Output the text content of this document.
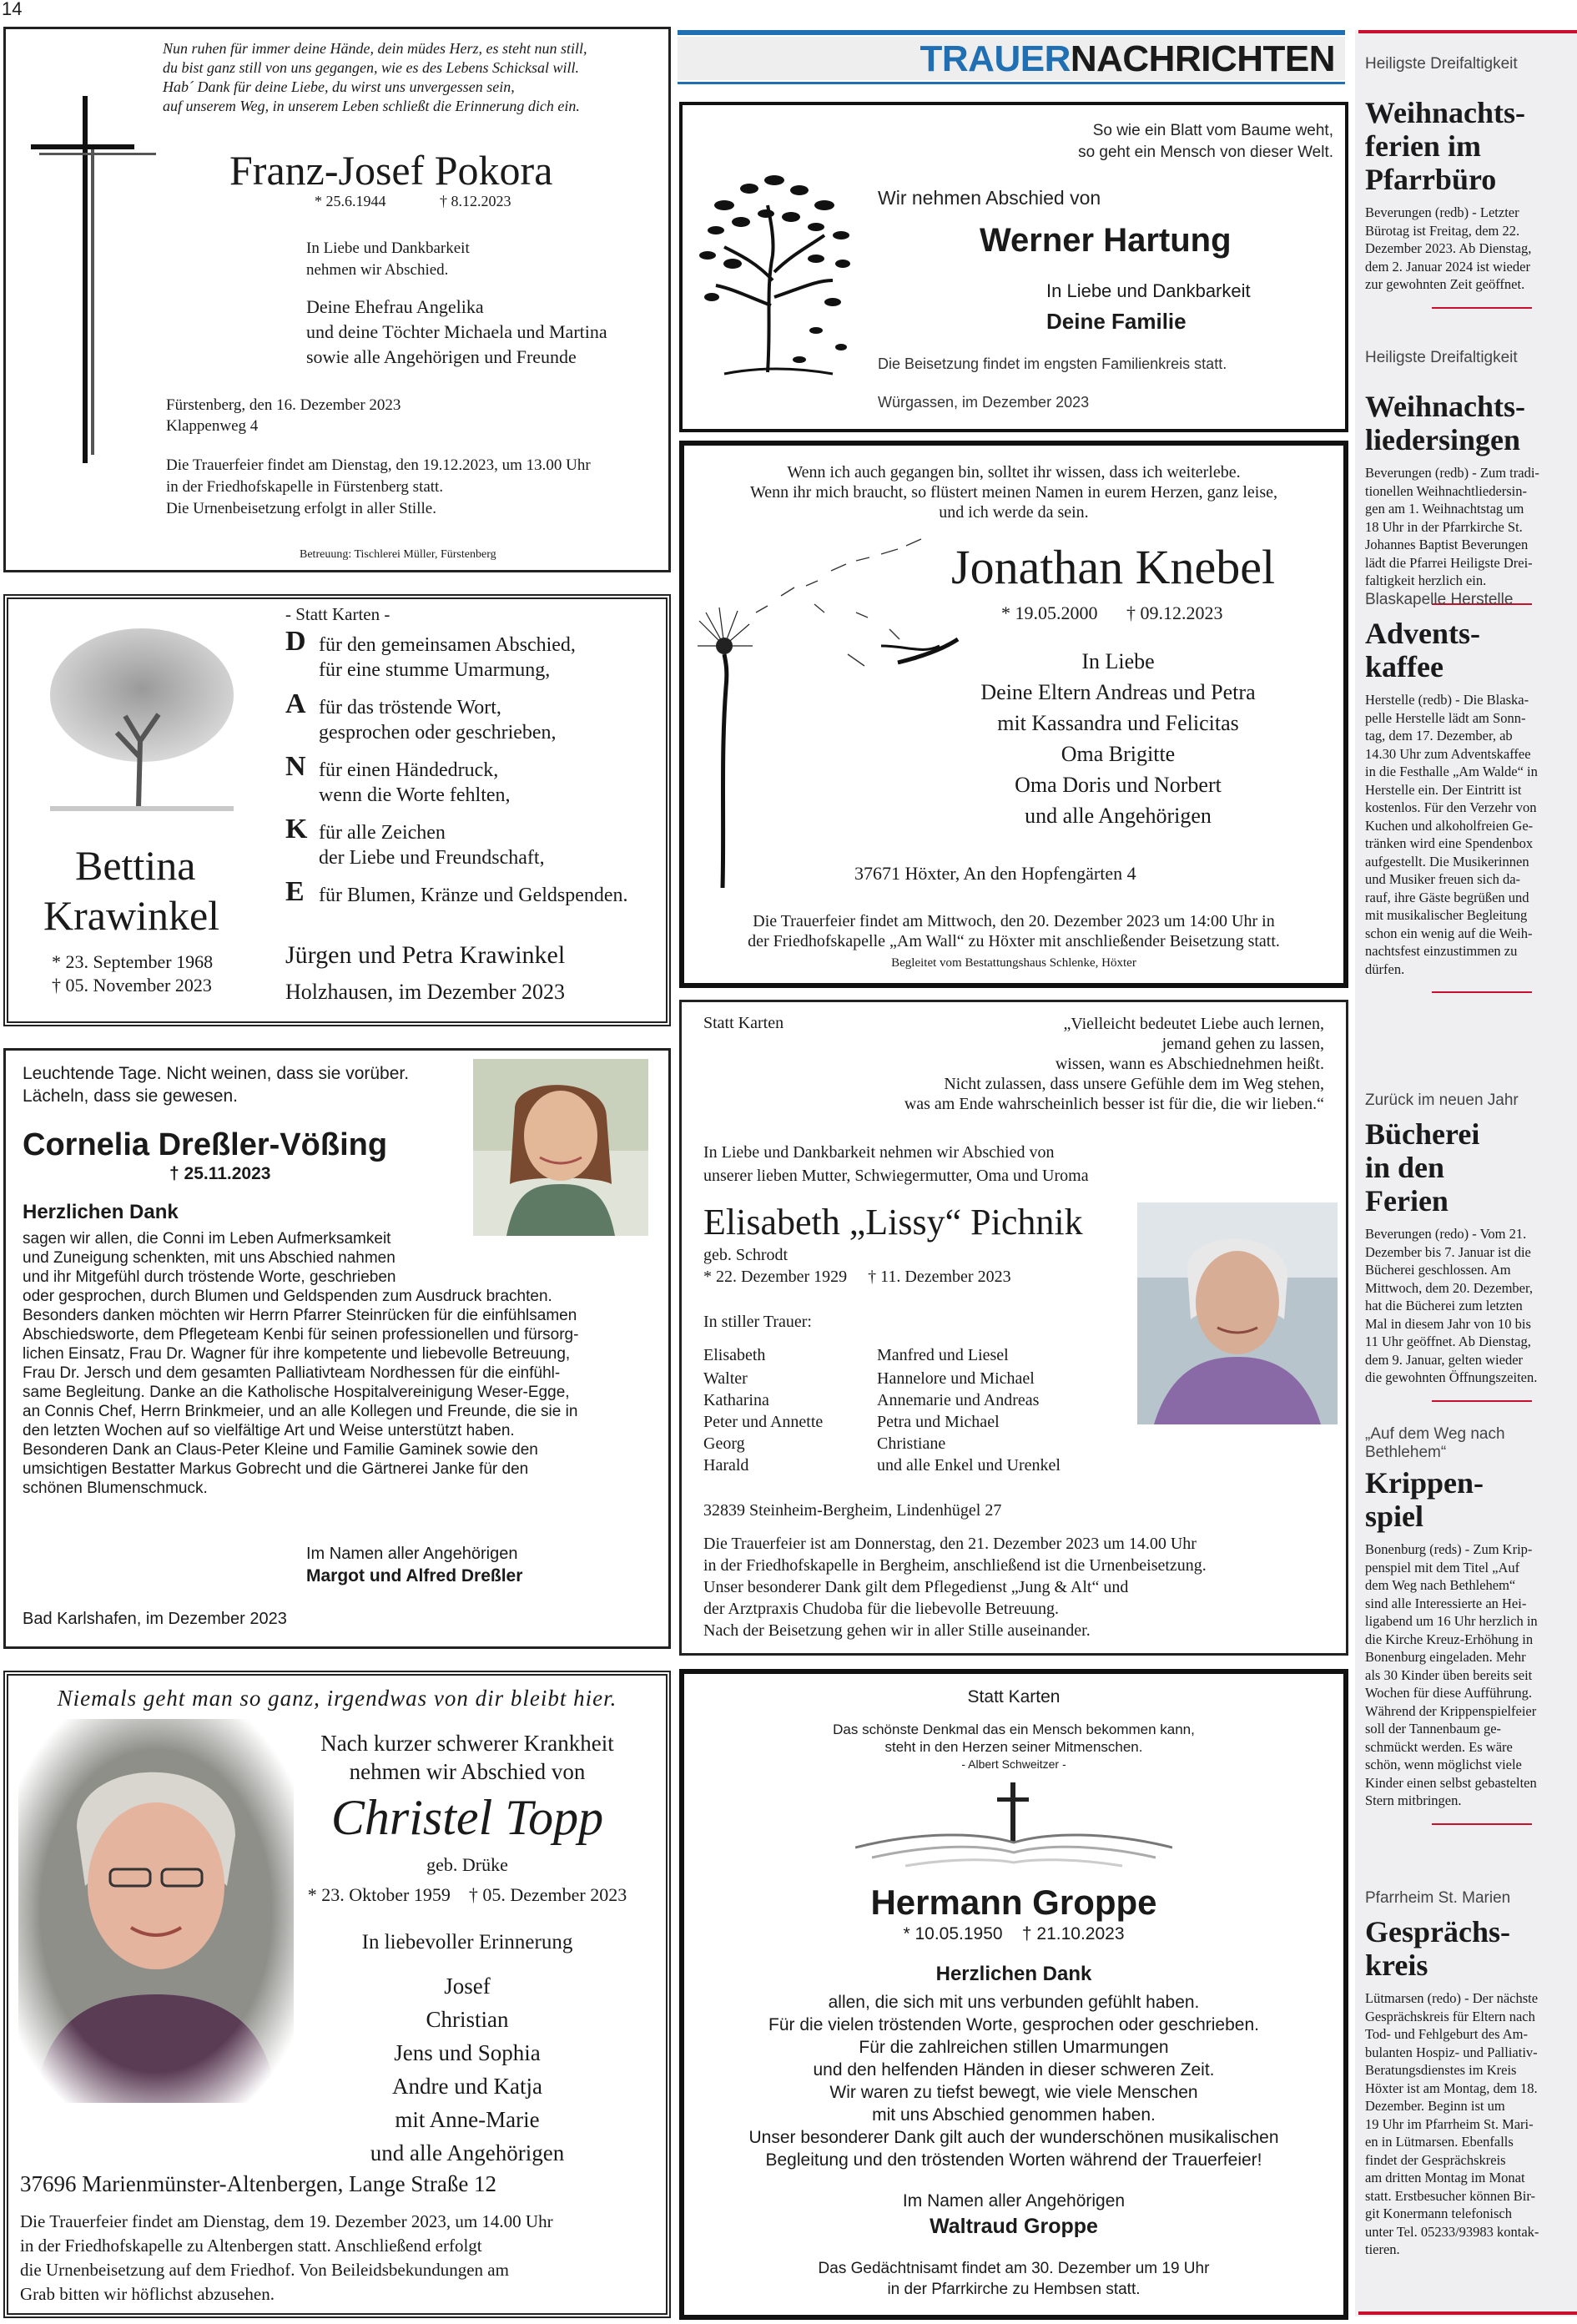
14
Nun ruhen für immer deine Hände, dein müdes Herz, es steht nun still,
du bist ganz still von uns gegangen, wie es des Lebens Schicksal will.
Hab´ Dank für deine Liebe, du wirst uns unvergessen sein,
auf unserem Weg, in unserem Leben schließt die Erinnerung dich ein.
Franz-Josef Pokora
* 25.6.1944	† 8.12.2023
In Liebe und Dankbarkeit
nehmen wir Abschied.
Deine Ehefrau Angelika
und deine Töchter Michaela und Martina
sowie alle Angehörigen und Freunde
Fürstenberg, den 16. Dezember 2023
Klappenweg 4
Die Trauerfeier findet am Dienstag, den 19.12.2023, um 13.00 Uhr
in der Friedhofskapelle in Fürstenberg statt.
Die Urnenbeisetzung erfolgt in aller Stille.
Betreuung: Tischlerei Müller, Fürstenberg
TRAUERNACHRICHTEN
So wie ein Blatt vom Baume weht,
so geht ein Mensch von dieser Welt.
Wir nehmen Abschied von
Werner Hartung
In Liebe und Dankbarkeit
Deine Familie
Die Beisetzung findet im engsten Familienkreis statt.
Würgassen, im Dezember 2023
Bettina
Krawinkel
* 23. September 1968
† 05. November 2023
- Statt Karten -
D für den gemeinsamen Abschied,
für eine stumme Umarmung,
A für das tröstende Wort,
gesprochen oder geschrieben,
N für einen Händedruck,
wenn die Worte fehlten,
K für alle Zeichen
der Liebe und Freundschaft,
E für Blumen, Kränze und Geldspenden.
Jürgen und Petra Krawinkel
Holzhausen, im Dezember 2023
Wenn ich auch gegangen bin, solltet ihr wissen, dass ich weiterlebe.
Wenn ihr mich braucht, so flüstert meinen Namen in eurem Herzen, ganz leise,
und ich werde da sein.
Jonathan Knebel
* 19.05.2000 † 09.12.2023
In Liebe
Deine Eltern Andreas und Petra
mit Kassandra und Felicitas
Oma Brigitte
Oma Doris und Norbert
und alle Angehörigen
37671 Höxter, An den Hopfengärten 4
Die Trauerfeier findet am Mittwoch, den 20. Dezember 2023 um 14:00 Uhr in
der Friedhofskapelle „Am Wall“ zu Höxter mit anschließender Beisetzung statt.
Begleitet vom Bestattungshaus Schlenke, Höxter
Leuchtende Tage. Nicht weinen, dass sie vorüber.
Lächeln, dass sie gewesen.
Cornelia Dreßler-Vößing
† 25.11.2023
Herzlichen Dank
sagen wir allen, die Conni im Leben Aufmerksamkeit
und Zuneigung schenkten, mit uns Abschied nahmen
und ihr Mitgefühl durch tröstende Worte, geschrieben
oder gesprochen, durch Blumen und Geldspenden zum Ausdruck brachten.
Besonders danken möchten wir Herrn Pfarrer Steinrücken für die einfühlsamen
Abschiedsworte, dem Pflegeteam Kenbi für seinen professionellen und fürsorg-
lichen Einsatz, Frau Dr. Wagner für ihre kompetente und liebevolle Betreuung,
Frau Dr. Jersch und dem gesamten Palliativteam Nordhessen für die einfühl-
same Begleitung. Danke an die Katholische Hospitalvereinigung Weser-Egge,
an Connis Chef, Herrn Brinkmeier, und an alle Kollegen und Freunde, die sie in
den letzten Wochen auf so vielfältige Art und Weise unterstützt haben.
Besonderen Dank an Claus-Peter Kleine und Familie Gaminek sowie den
umsichtigen Bestatter Markus Gobrecht und die Gärtnerei Janke für den
schönen Blumenschmuck.
Im Namen aller Angehörigen
Margot und Alfred Dreßler
Bad Karlshafen, im Dezember 2023
Statt Karten	„Vielleicht bedeutet Liebe auch lernen,
jemand gehen zu lassen,
wissen, wann es Abschiednehmen heißt.
Nicht zulassen, dass unsere Gefühle dem im Weg stehen,
was am Ende wahrscheinlich besser ist für die, die wir lieben.“
In Liebe und Dankbarkeit nehmen wir Abschied von
unserer lieben Mutter, Schwiegermutter, Oma und Uroma
Elisabeth „Lissy“ Pichnik
geb. Schrodt
* 22. Dezember 1929     † 11. Dezember 2023
In stiller Trauer:
Elisabeth	Manfred und Liesel
Walter	Hannelore und Michael
Katharina	Annemarie und Andreas
Peter und Annette	Petra und Michael
Georg	Christiane
Harald	und alle Enkel und Urenkel
32839 Steinheim-Bergheim, Lindenhügel 27
Die Trauerfeier ist am Donnerstag, den 21. Dezember 2023 um 14.00 Uhr
in der Friedhofskapelle in Bergheim, anschließend ist die Urnenbeisetzung.
Unser besonderer Dank gilt dem Pflegedienst „Jung & Alt“ und
der Arztpraxis Chudoba für die liebevolle Betreuung.
Nach der Beisetzung gehen wir in aller Stille auseinander.
Niemals geht man so ganz, irgendwas von dir bleibt hier.
Nach kurzer schwerer Krankheit
nehmen wir Abschied von
Christel Topp
geb. Drüke
* 23. Oktober 1959    † 05. Dezember 2023
In liebevoller Erinnerung
Josef
Christian
Jens und Sophia
Andre und Katja
mit Anne-Marie
und alle Angehörigen
37696 Marienmünster-Altenbergen, Lange Straße 12
Die Trauerfeier findet am Dienstag, dem 19. Dezember 2023, um 14.00 Uhr
in der Friedhofskapelle zu Altenbergen statt. Anschließend erfolgt
die Urnenbeisetzung auf dem Friedhof. Von Beileidsbekundungen am
Grab bitten wir höflichst abzusehen.
Statt Karten
Das schönste Denkmal das ein Mensch bekommen kann,
steht in den Herzen seiner Mitmenschen.
- Albert Schweitzer -
Hermann Groppe
* 10.05.1950    † 21.10.2023
Herzlichen Dank
allen, die sich mit uns verbunden gefühlt haben.
Für die vielen tröstenden Worte, gesprochen oder geschrieben.
Für die zahlreichen stillen Umarmungen
und den helfenden Händen in dieser schweren Zeit.
Wir waren zu tiefst bewegt, wie viele Menschen
mit uns Abschied genommen haben.
Unser besonderer Dank gilt auch der wunderschönen musikalischen
Begleitung und den tröstenden Worten während der Trauerfeier!
Im Namen aller Angehörigen
Waltraud Groppe
Das Gedächtnisamt findet am 30. Dezember um 19 Uhr
in der Pfarrkirche zu Hembsen statt.
Heiligste Dreifaltigkeit
Weihnachts-
ferien im
Pfarrbüro
Beverungen (redb) - Letzter
Bürotag ist Freitag, dem 22.
Dezember 2023. Ab Dienstag,
dem 2. Januar 2024 ist wieder
zur gewohnten Zeit geöffnet.
Heiligste Dreifaltigkeit
Weihnachts-
liedersingen
Beverungen (redb) - Zum tradi-
tionellen Weihnachtliedersin-
gen am 1. Weihnachtstag um
18 Uhr in der Pfarrkirche St.
Johannes Baptist Beverungen
lädt die Pfarrei Heiligste Drei-
faltigkeit herzlich ein.
Blaskapelle Herstelle
Advents-
kaffee
Herstelle (redb) - Die Blaska-
pelle Herstelle lädt am Sonn-
tag, dem 17. Dezember, ab
14.30 Uhr zum Adventskaffee
in die Festhalle „Am Walde“ in
Herstelle ein. Der Eintritt ist
kostenlos. Für den Verzehr von
Kuchen und alkoholfreien Ge-
tränken wird eine Spendenbox
aufgestellt. Die Musikerinnen
und Musiker freuen sich da-
rauf, ihre Gäste begrüßen und
mit musikalischer Begleitung
schon ein wenig auf die Weih-
nachtsfest einzustimmen zu
dürfen.
Zurück im neuen Jahr
Bücherei
in den
Ferien
Beverungen (redo) - Vom 21.
Dezember bis 7. Januar ist die
Bücherei geschlossen. Am
Mittwoch, dem 20. Dezember,
hat die Bücherei zum letzten
Mal in diesem Jahr von 10 bis
11 Uhr geöffnet. Ab Dienstag,
dem 9. Januar, gelten wieder
die gewohnten Öffnungszeiten.
„Auf dem Weg nach Bethlehem“
Krippen-
spiel
Bonenburg (reds) - Zum Krip-
penspiel mit dem Titel „Auf
dem Weg nach Bethlehem“
sind alle Interessierte an Hei-
ligabend um 16 Uhr herzlich in
die Kirche Kreuz-Erhöhung in
Bonenburg eingeladen. Mehr
als 30 Kinder üben bereits seit
Wochen für diese Aufführung.
Während der Krippenspielfeier
soll der Tannenbaum ge-
schmückt werden. Es wäre
schön, wenn möglichst viele
Kinder einen selbst gebastelten
Stern mitbringen.
Pfarrheim St. Marien
Gesprächs-
kreis
Lütmarsen (redo) - Der nächste
Gesprächskreis für Eltern nach
Tod- und Fehlgeburt des Am-
bulanten Hospiz- und Palliativ-
Beratungsdienstes im Kreis
Höxter ist am Montag, dem 18.
Dezember. Beginn ist um
19 Uhr im Pfarrheim St. Mari-
en in Lütmarsen. Ebenfalls
findet der Gesprächskreis
am dritten Montag im Monat
statt. Erstbesucher können Bir-
git Konermann telefonisch
unter Tel. 05233/93983 kontak-
tieren.
